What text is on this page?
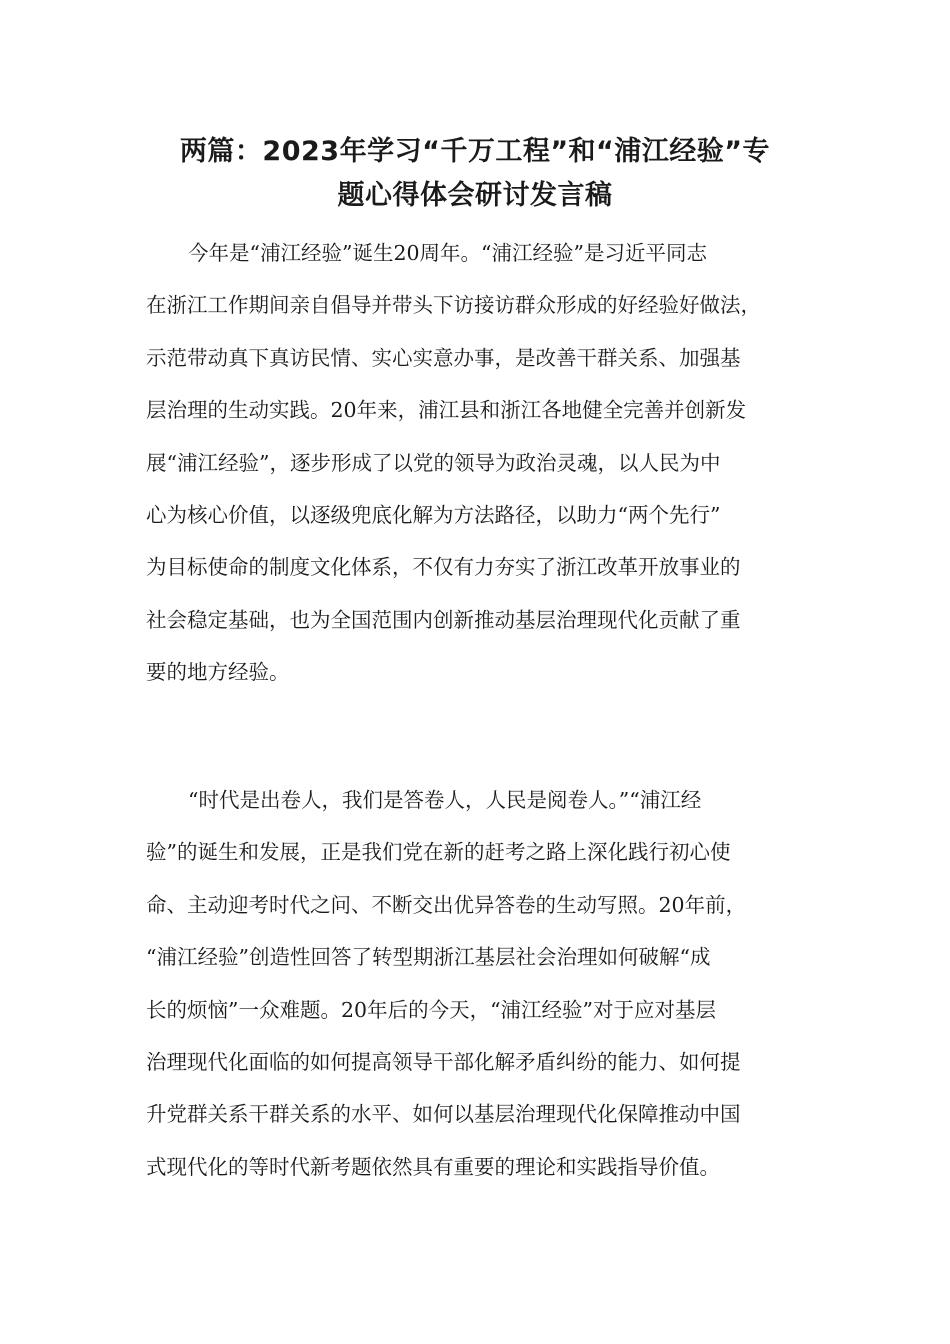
两篇：2023年学习“千万工程”和“浦江经验”专
题心得体会研讨发言稿
今年是“浦江经验”诞生20周年。“浦江经验”是习近平同志
在浙江工作期间亲自倡导并带头下访接访群众形成的好经验好做法，
示范带动真下真访民情、实心实意办事，是改善干群关系、加强基
层治理的生动实践。20年来，浦江县和浙江各地健全完善并创新发
展“浦江经验”，逐步形成了以党的领导为政治灵魂，以人民为中
心为核心价值，以逐级兜底化解为方法路径，以助力“两个先行”
为目标使命的制度文化体系，不仅有力夯实了浙江改革开放事业的
社会稳定基础，也为全国范围内创新推动基层治理现代化贡献了重
要的地方经验。
“时代是出卷人，我们是答卷人，人民是阅卷人。”“浦江经
验”的诞生和发展，正是我们党在新的赶考之路上深化践行初心使
命、主动迎考时代之问、不断交出优异答卷的生动写照。20年前，
“浦江经验”创造性回答了转型期浙江基层社会治理如何破解“成
长的烦恼”一众难题。20年后的今天，“浦江经验”对于应对基层
治理现代化面临的如何提高领导干部化解矛盾纠纷的能力、如何提
升党群关系干群关系的水平、如何以基层治理现代化保障推动中国
式现代化的等时代新考题依然具有重要的理论和实践指导价值。
